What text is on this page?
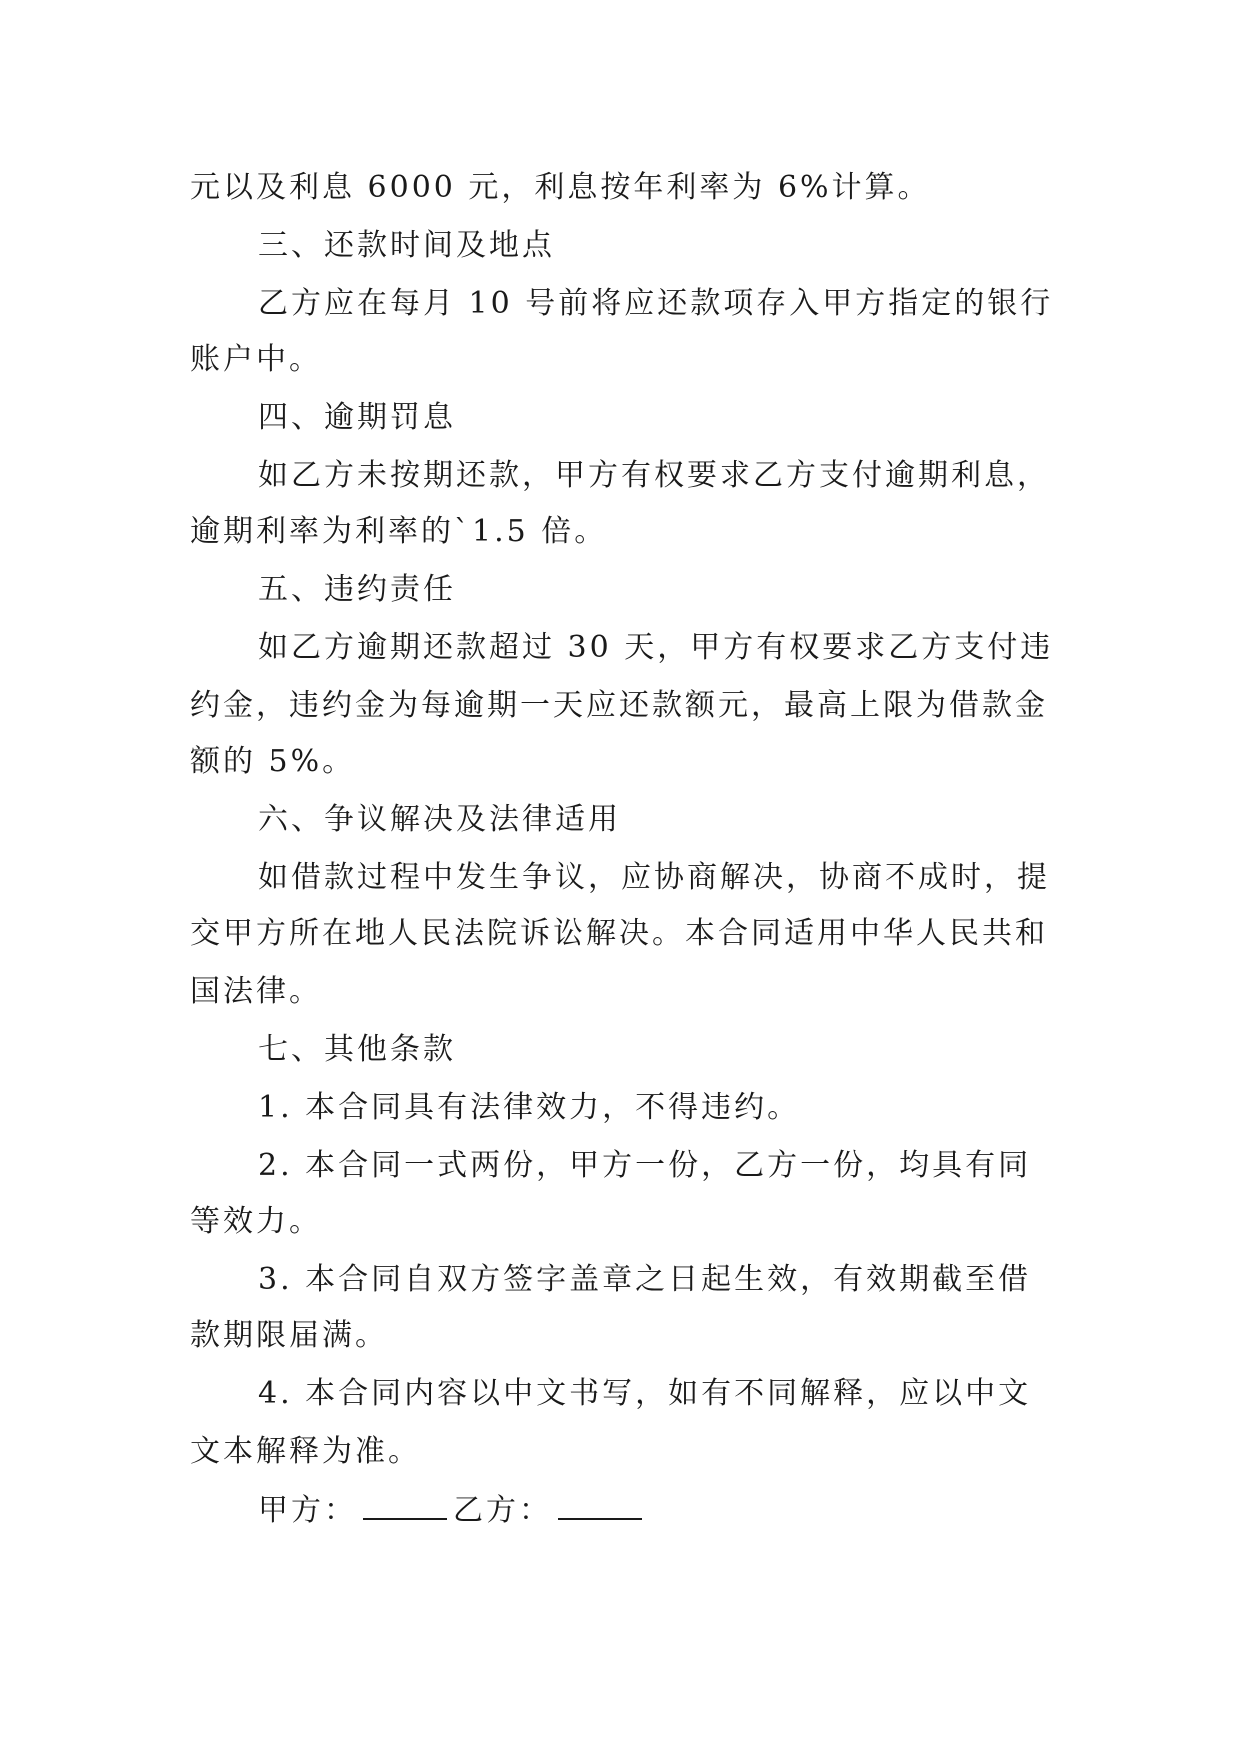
元以及利息 6000 元，利息按年利率为 6%计算。

三、还款时间及地点

乙方应在每月 10 号前将应还款项存入甲方指定的银行

账户中。

四、逾期罚息

如乙方未按期还款，甲方有权要求乙方支付逾期利息，

逾期利率为利率的`1.5 倍。

五、违约责任

如乙方逾期还款超过 30 天，甲方有权要求乙方支付违

约金，违约金为每逾期一天应还款额元，最高上限为借款金

额的 5%。

六、争议解决及法律适用

如借款过程中发生争议，应协商解决，协商不成时，提

交甲方所在地人民法院诉讼解决。本合同适用中华人民共和

国法律。

七、其他条款

1. 本合同具有法律效力，不得违约。

2. 本合同一式两份，甲方一份，乙方一份，均具有同

等效力。

3. 本合同自双方签字盖章之日起生效，有效期截至借

款期限届满。

4. 本合同内容以中文书写，如有不同解释，应以中文

文本解释为准。

甲方：	乙方：
